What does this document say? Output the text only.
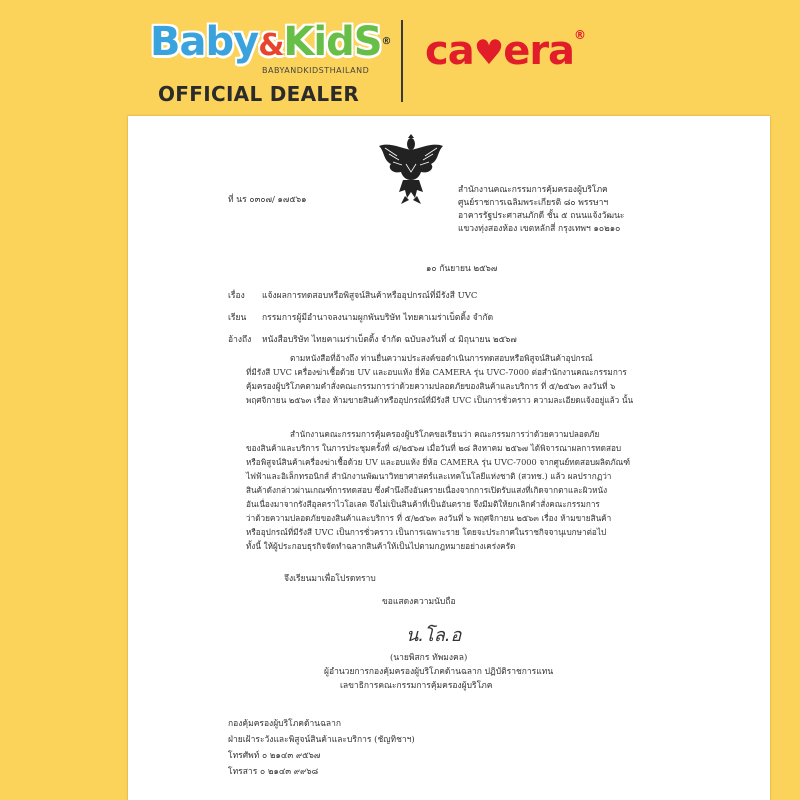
Baby&KidS®
BABYANDKIDSTHAILAND
OFFICIAL DEALER
ca♥era®
ที่ นร ๐๓๐๗/ ๑๗๕๖๑
สำนักงานคณะกรรมการคุ้มครองผู้บริโภค
ศูนย์ราชการเฉลิมพระเกียรติ ๘๐ พรรษาฯ
อาคารรัฐประศาสนภักดี ชั้น ๕ ถนนแจ้งวัฒนะ
แขวงทุ่งสองห้อง เขตหลักสี่ กรุงเทพฯ ๑๐๒๑๐
๑๐ กันยายน ๒๕๖๗
เรื่อง แจ้งผลการทดสอบหรือพิสูจน์สินค้าหรืออุปกรณ์ที่มีรังสี UVC
เรียน กรรมการผู้มีอำนาจลงนามผูกพันบริษัท ไทยคาเมร่าเบ็ตติ้ง จำกัด
อ้างถึง หนังสือบริษัท ไทยคาเมร่าเบ็ตติ้ง จำกัด ฉบับลงวันที่ ๔ มิถุนายน ๒๕๖๗
ตามหนังสือที่อ้างถึง ท่านยื่นความประสงค์ขอดำเนินการทดสอบหรือพิสูจน์สินค้าอุปกรณ์
ที่มีรังสี UVC เครื่องฆ่าเชื้อด้วย UV และอบแห้ง ยี่ห้อ CAMERA รุ่น UVC-7000 ต่อสำนักงานคณะกรรมการ
คุ้มครองผู้บริโภคตามคำสั่งคณะกรรมการว่าด้วยความปลอดภัยของสินค้าและบริการ ที่ ๕/๒๕๖๓ ลงวันที่ ๖
พฤศจิกายน ๒๕๖๓ เรื่อง ห้ามขายสินค้าหรืออุปกรณ์ที่มีรังสี UVC เป็นการชั่วคราว ความละเอียดแจ้งอยู่แล้ว นั้น
สำนักงานคณะกรรมการคุ้มครองผู้บริโภคขอเรียนว่า คณะกรรมการว่าด้วยความปลอดภัย
ของสินค้าและบริการ ในการประชุมครั้งที่ ๘/๒๕๖๗ เมื่อวันที่ ๒๘ สิงหาคม ๒๕๖๗ ได้พิจารณาผลการทดสอบ
หรือพิสูจน์สินค้าเครื่องฆ่าเชื้อด้วย UV และอบแห้ง ยี่ห้อ CAMERA รุ่น UVC-7000 จากศูนย์ทดสอบผลิตภัณฑ์
ไฟฟ้าและอิเล็กทรอนิกส์ สำนักงานพัฒนาวิทยาศาสตร์และเทคโนโลยีแห่งชาติ (สวทช.) แล้ว ผลปรากฏว่า
สินค้าดังกล่าวผ่านเกณฑ์การทดสอบ ซึ่งคำนึงถึงอันตรายเนื่องจากการเปิดรับแสงที่เกิดจากตาและผิวหนัง
อันเนื่องมาจากรังสีอุลตราไวโอเลต จึงไม่เป็นสินค้าที่เป็นอันตราย จึงมีมติให้ยกเลิกคำสั่งคณะกรรมการ
ว่าด้วยความปลอดภัยของสินค้าและบริการ ที่ ๕/๒๕๖๓ ลงวันที่ ๖ พฤศจิกายน ๒๕๖๓ เรื่อง ห้ามขายสินค้า
หรืออุปกรณ์ที่มีรังสี UVC เป็นการชั่วคราว เป็นการเฉพาะราย โดยจะประกาศในราชกิจจานุเบกษาต่อไป
ทั้งนี้ ให้ผู้ประกอบธุรกิจจัดทำฉลากสินค้าให้เป็นไปตามกฎหมายอย่างเคร่งครัด
จึงเรียนมาเพื่อโปรดทราบ
ขอแสดงความนับถือ
น.โล.อ
(นายพิสกร ทัพมงคล)
ผู้อำนวยการกองคุ้มครองผู้บริโภคด้านฉลาก ปฏิบัติราชการแทน
เลขาธิการคณะกรรมการคุ้มครองผู้บริโภค
กองคุ้มครองผู้บริโภคด้านฉลาก
ฝ่ายเฝ้าระวังและพิสูจน์สินค้าและบริการ (ชัญทิชาฯ)
โทรศัพท์ ๐ ๒๑๔๓ ๙๕๖๗
โทรสาร ๐ ๒๑๔๓ ๙๙๖๘
